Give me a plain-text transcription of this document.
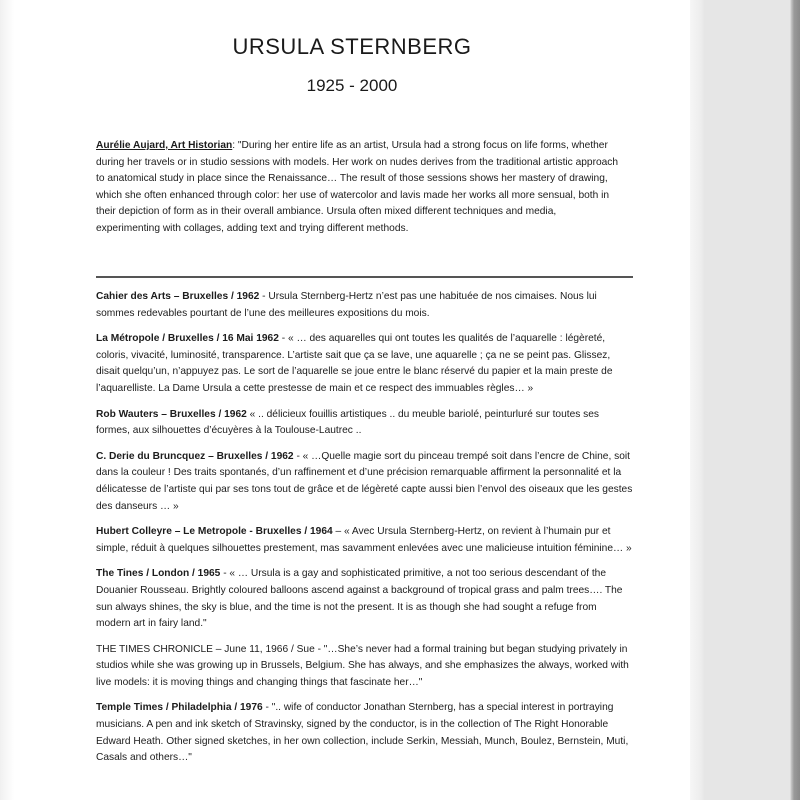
URSULA STERNBERG
1925 - 2000
Aurélie Aujard, Art Historian: "During her entire life as an artist, Ursula had a strong focus on life forms, whether during her travels or in studio sessions with models. Her work on nudes derives from the traditional artistic approach to anatomical study in place since the Renaissance… The result of those sessions shows her mastery of drawing, which she often enhanced through color: her use of watercolor and lavis made her works all more sensual, both in their depiction of form as in their overall ambiance. Ursula often mixed different techniques and media, experimenting with collages, adding text and trying different methods.

Cahier des Arts – Bruxelles / 1962 - Ursula Sternberg-Hertz n’est pas une habituée de nos cimaises. Nous lui sommes redevables pourtant de l’une des meilleures expositions du mois.

La Métropole / Bruxelles / 16 Mai 1962 - « … des aquarelles qui ont toutes les qualités de l’aquarelle : légèreté, coloris, vivacité, luminosité, transparence. L’artiste sait que ça se lave, une aquarelle ; ça ne se peint pas. Glissez, disait quelqu’un, n’appuyez pas. Le sort de l’aquarelle se joue entre le blanc réservé du papier et la main preste de l’aquarelliste. La Dame Ursula a cette prestesse de main et ce respect des immuables règles… »

Rob Wauters – Bruxelles / 1962 « .. délicieux fouillis artistiques .. du meuble bariolé, peinturluré sur toutes ses formes, aux silhouettes d’écuyères à la Toulouse-Lautrec ..

C. Derie du Bruncquez – Bruxelles / 1962 - « …Quelle magie sort du pinceau trempé soit dans l’encre de Chine, soit dans la couleur ! Des traits spontanés, d’un raffinement et d’une précision remarquable affirment la personnalité et la délicatesse de l’artiste qui par ses tons tout de grâce et de légèreté capte aussi bien l’envol des oiseaux que les gestes des danseurs … »

Hubert Colleyre – Le Metropole - Bruxelles / 1964 – « Avec Ursula Sternberg-Hertz, on revient à l’humain pur et simple, réduit à quelques silhouettes prestement, mas savamment enlevées avec une malicieuse intuition féminine… »

The Tines / London / 1965 - « … Ursula is a gay and sophisticated primitive, a not too serious descendant of the Douanier Rousseau. Brightly coloured balloons ascend against a background of tropical grass and palm trees…. The sun always shines, the sky is blue, and the time is not the present. It is as though she had sought a refuge from modern art in fairy land."

THE TIMES CHRONICLE – June 11, 1966 / Sue - "…She’s never had a formal training but began studying privately in studios while she was growing up in Brussels, Belgium. She has always, and she emphasizes the always, worked with live models: it is moving things and changing things that fascinate her…"

Temple Times / Philadelphia / 1976 - ".. wife of conductor Jonathan Sternberg, has a special interest in portraying musicians. A pen and ink sketch of Stravinsky, signed by the conductor, is in the collection of The Right Honorable Edward Heath. Other signed sketches, in her own collection, include Serkin, Messiah, Munch, Boulez, Bernstein, Muti, Casals and others…"
